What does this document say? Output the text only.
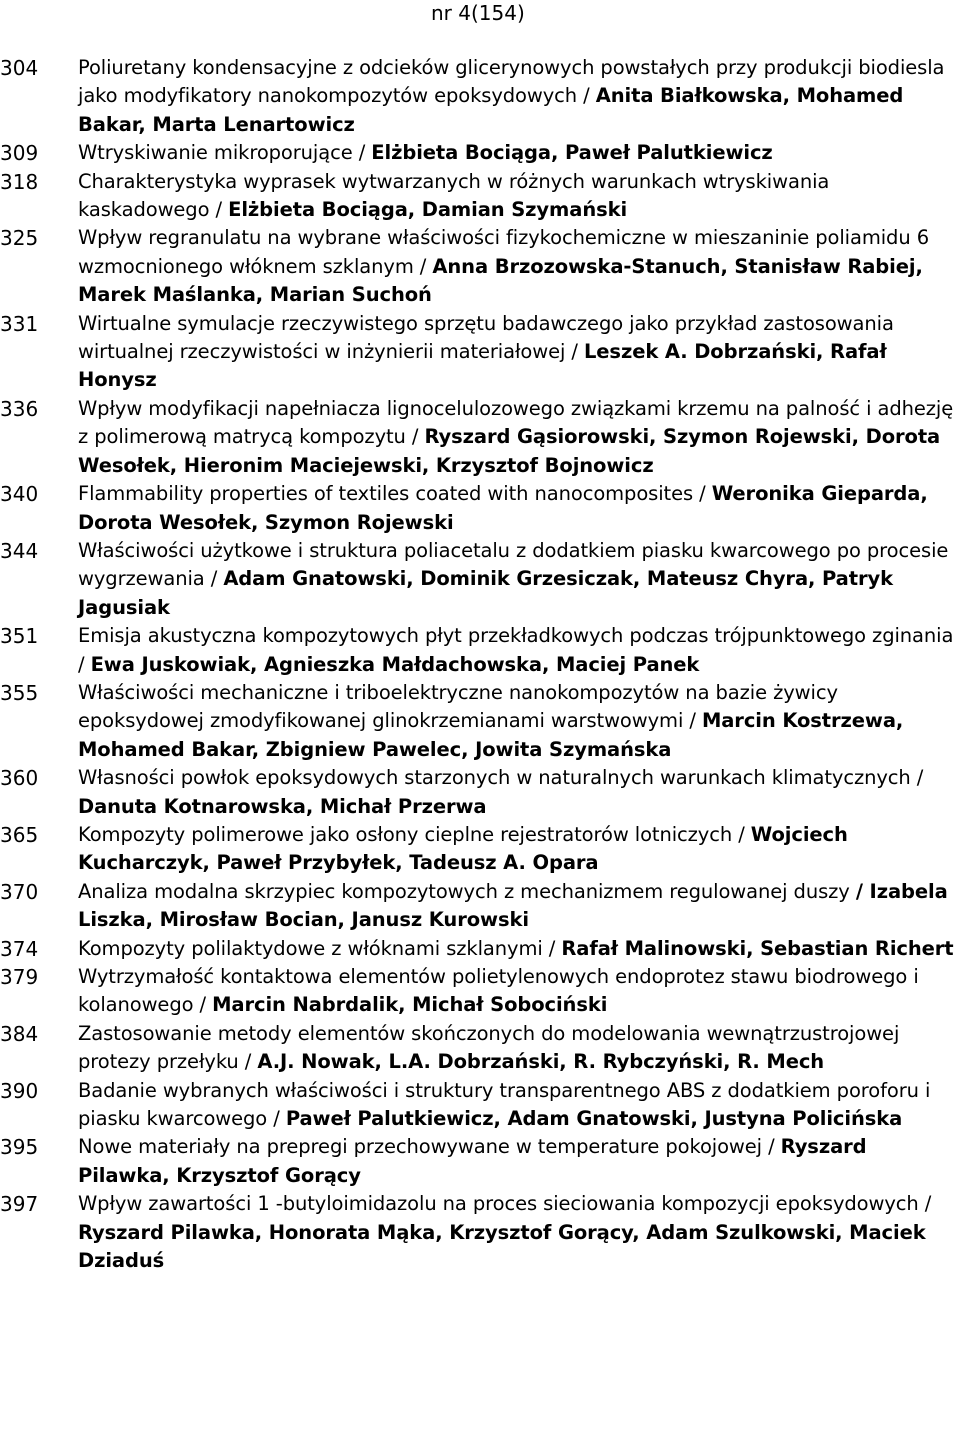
nr 4(154)
304	Poliuretany kondensacyjne z odcieków glicerynowych powstałych przy produkcji biodiesla jako modyfikatory nanokompozytów epoksydowych / Anita Białkowska, Mohamed Bakar, Marta Lenartowicz
309	Wtryskiwanie mikroporujące / Elżbieta Bociąga, Paweł Palutkiewicz
318	Charakterystyka wyprasek wytwarzanych w różnych warunkach wtryskiwania kaskadowego / Elżbieta Bociąga, Damian Szymański
325	Wpływ regranulatu na wybrane właściwości fizykochemiczne w mieszaninie poliamidu 6 wzmocnionego włóknem szklanym / Anna Brzozowska-Stanuch, Stanisław Rabiej, Marek Maślanka, Marian Suchoń
331	Wirtualne symulacje rzeczywistego sprzętu badawczego jako przykład zastosowania wirtualnej rzeczywistości w inżynierii materiałowej / Leszek A. Dobrzański, Rafał Honysz
336	Wpływ modyfikacji napełniacza lignocelulozowego związkami krzemu na palność i adhezję z polimerową matrycą kompozytu / Ryszard Gąsiorowski, Szymon Rojewski, Dorota Wesołek, Hieronim Maciejewski, Krzysztof Bojnowicz
340	Flammability properties of textiles coated with nanocomposites / Weronika Gieparda, Dorota Wesołek, Szymon Rojewski
344	Właściwości użytkowe i struktura poliacetalu z dodatkiem piasku kwarcowego po procesie wygrzewania / Adam Gnatowski, Dominik Grzesiczak, Mateusz Chyra, Patryk Jagusiak
351	Emisja akustyczna kompozytowych płyt przekładkowych podczas trójpunktowego zginania / Ewa Juskowiak, Agnieszka Małdachowska, Maciej Panek
355	Właściwości mechaniczne i triboelektryczne nanokompozytów na bazie żywicy epoksydowej zmodyfikowanej glinokrzemianami warstwowymi / Marcin Kostrzewa, Mohamed Bakar, Zbigniew Pawelec, Jowita Szymańska
360	Własności powłok epoksydowych starzonych w naturalnych warunkach klimatycznych / Danuta Kotnarowska, Michał Przerwa
365	Kompozyty polimerowe jako osłony cieplne rejestratorów lotniczych / Wojciech Kucharczyk, Paweł Przybyłek, Tadeusz A. Opara
370	Analiza modalna skrzypiec kompozytowych z mechanizmem regulowanej duszy / Izabela Liszka, Mirosław Bocian, Janusz Kurowski
374	Kompozyty polilaktydowe z włóknami szklanymi / Rafał Malinowski, Sebastian Richert
379	Wytrzymałość kontaktowa elementów polietylenowych endoprotez stawu biodrowego i kolanowego / Marcin Nabrdalik, Michał Sobociński
384	Zastosowanie metody elementów skończonych do modelowania wewnątrzustrojowej protezy przełyku / A.J. Nowak, L.A. Dobrzański, R. Rybczyński, R. Mech
390	Badanie wybranych właściwości i struktury transparentnego ABS z dodatkiem poroforu i piasku kwarcowego / Paweł Palutkiewicz, Adam Gnatowski, Justyna Policińska
395	Nowe materiały na prepregi przechowywane w temperature pokojowej / Ryszard Pilawka, Krzysztof Gorący
397	Wpływ zawartości 1 -butyloimidazolu na proces sieciowania kompozycji epoksydowych / Ryszard Pilawka, Honorata Mąka, Krzysztof Gorący, Adam Szulkowski, Maciek Dziaduś
